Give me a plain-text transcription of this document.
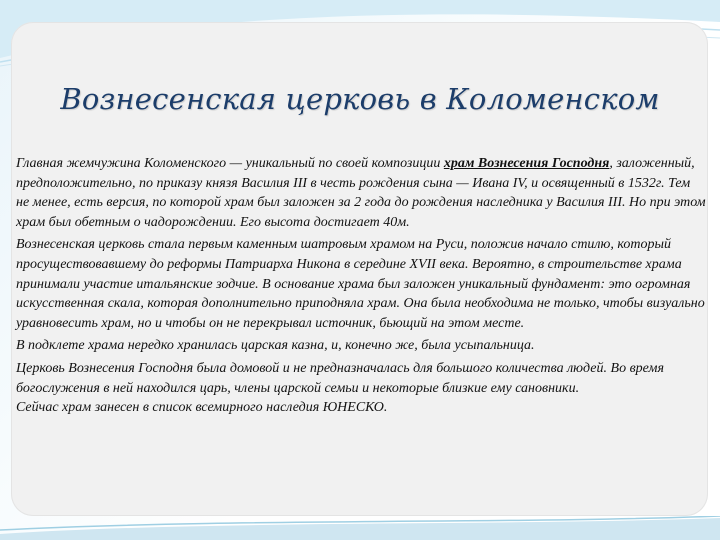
Вознесенская церковь в Коломенском

Главная жемчужина Коломенского — уникальный по своей композиции храм Вознесения Господня, заложенный, предположительно, по приказу князя Василия III в честь рождения сына — Ивана IV, и освященный в 1532г. Тем не менее, есть версия, по которой храм был заложен за 2 года до рождения наследника у Василия III. Но при этом храм был обетным о чадорождении. Его высота достигает 40м.

Вознесенская церковь стала первым каменным шатровым храмом на Руси, положив начало стилю, который просуществовавшему до реформы Патриарха Никона в середине XVII века. Вероятно, в строительстве храма принимали участие итальянские зодчие. В основание храма был заложен уникальный фундамент: это огромная искусственная скала, которая дополнительно приподняла храм. Она была необходима не только, чтобы визуально уравновесить храм, но и чтобы он не перекрывал источник, бьющий на этом месте.

В подклете храма нередко хранилась царская казна, и, конечно же, была усыпальница.

Церковь Вознесения Господня была домовой и не предназначалась для большого количества людей. Во время богослужения в ней находился царь, члены царской семьи и некоторые близкие ему сановники.

Сейчас храм занесен в список всемирного наследия ЮНЕСКО.
